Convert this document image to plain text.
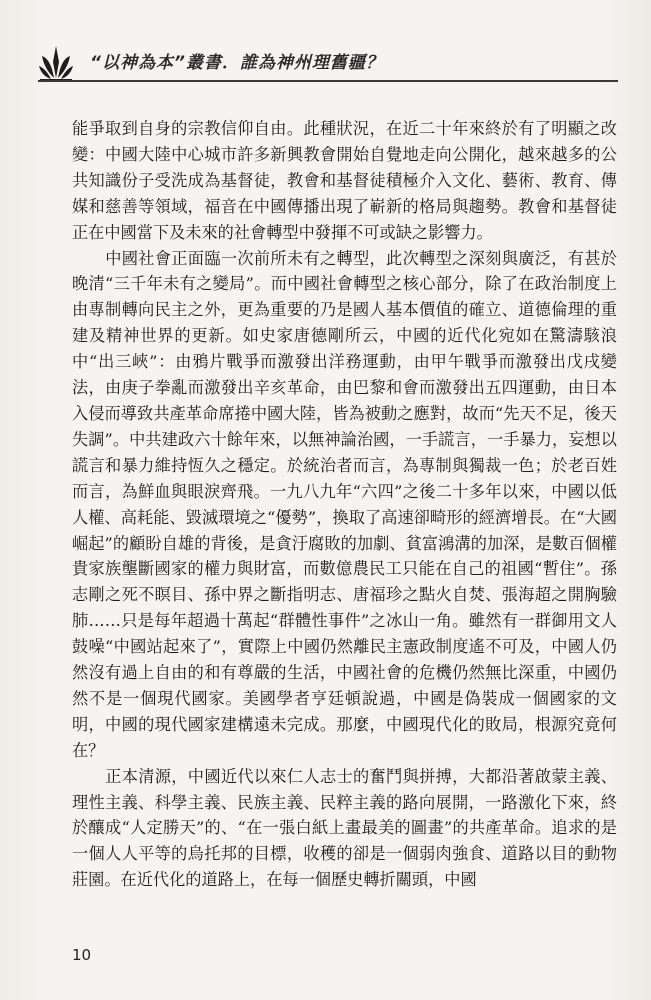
“以神為本”叢書．誰為神州理舊疆？

能爭取到自身的宗教信仰自由。此種狀況，在近二十年來終於有了明顯之改變：中國大陸中心城市許多新興教會開始自覺地走向公開化，越來越多的公共知識份子受洗成為基督徒，教會和基督徒積極介入文化、藝術、教育、傳媒和慈善等領域，福音在中國傳播出現了嶄新的格局與趨勢。教會和基督徒正在中國當下及未來的社會轉型中發揮不可或缺之影響力。

中國社會正面臨一次前所未有之轉型，此次轉型之深刻與廣泛，有甚於晚清“三千年未有之變局”。而中國社會轉型之核心部分，除了在政治制度上由專制轉向民主之外，更為重要的乃是國人基本價值的確立、道德倫理的重建及精神世界的更新。如史家唐德剛所云，中國的近代化宛如在驚濤駭浪中“出三峽”：由鴉片戰爭而激發出洋務運動，由甲午戰爭而激發出戊戌變法，由庚子拳亂而激發出辛亥革命，由巴黎和會而激發出五四運動，由日本入侵而導致共產革命席捲中國大陸，皆為被動之應對，故而“先天不足，後天失調”。中共建政六十餘年來，以無神論治國，一手謊言，一手暴力，妄想以謊言和暴力維持恆久之穩定。於統治者而言，為專制與獨裁一色；於老百姓而言，為鮮血與眼淚齊飛。一九八九年“六四”之後二十多年以來，中國以低人權、高耗能、毀滅環境之“優勢”，換取了高速卻畸形的經濟增長。在“大國崛起”的顧盼自雄的背後，是貪汙腐敗的加劇、貧富鴻溝的加深，是數百個權貴家族壟斷國家的權力與財富，而數億農民工只能在自己的祖國“暫住”。孫志剛之死不瞑目、孫中界之斷指明志、唐福珍之點火自焚、張海超之開胸驗肺……只是每年超過十萬起“群體性事件”之冰山一角。雖然有一群御用文人鼓噪“中國站起來了”，實際上中國仍然離民主憲政制度遙不可及，中國人仍然沒有過上自由的和有尊嚴的生活，中國社會的危機仍然無比深重，中國仍然不是一個現代國家。美國學者亨廷頓說過，中國是偽裝成一個國家的文明，中國的現代國家建構遠未完成。那麼，中國現代化的敗局，根源究竟何在？

正本清源，中國近代以來仁人志士的奮鬥與拼搏，大都沿著啟蒙主義、理性主義、科學主義、民族主義、民粹主義的路向展開，一路激化下來，終於釀成“人定勝天”的、“在一張白紙上畫最美的圖畫”的共產革命。追求的是一個人人平等的烏托邦的目標，收穫的卻是一個弱肉強食、道路以目的動物莊園。在近代化的道路上，在每一個歷史轉折關頭，中國

10
